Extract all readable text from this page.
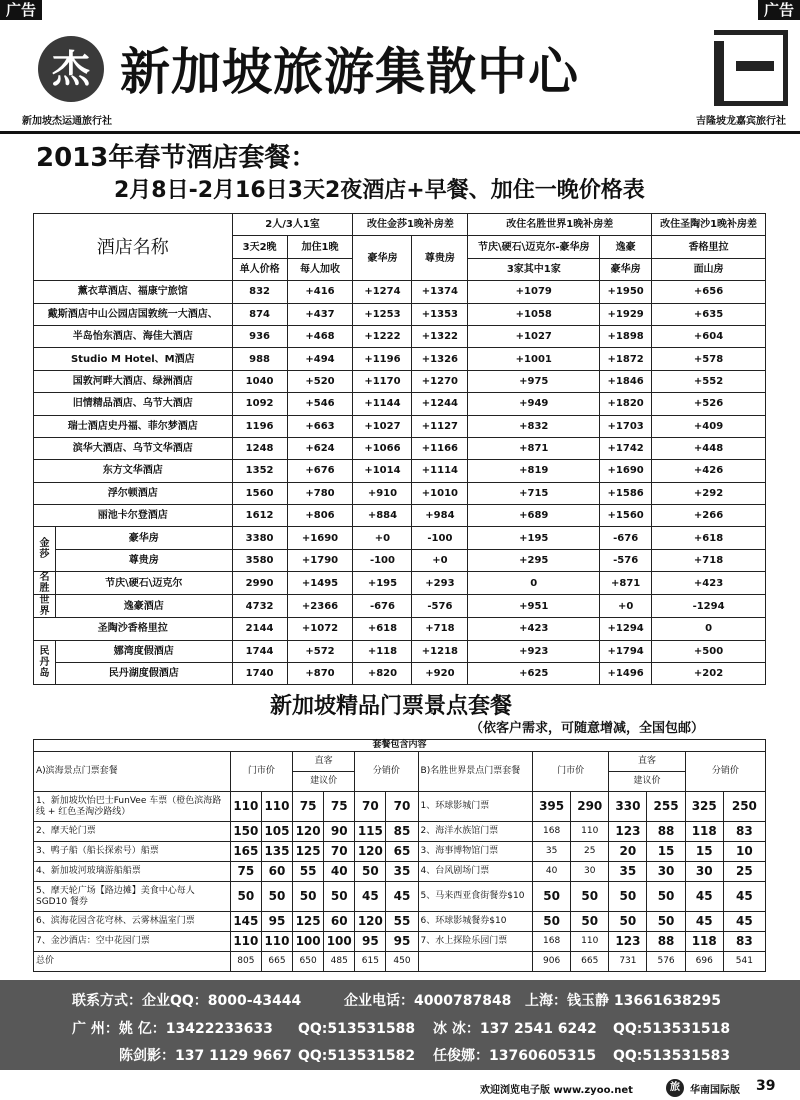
广告	广告
杰 新加坡旅游集散中心
新加坡杰运通旅行社	吉隆坡龙嘉宾旅行社
2013年春节酒店套餐：
2月8日-2月16日3天2夜酒店+早餐、加住一晚价格表
酒店名称		2人/3人1室		改住金莎1晚补房差		改住名胜世界1晚补房差		改住圣陶沙1晚补房差
		3天2晚	加住1晚	豪华房	尊贵房	节庆\硬石\迈克尔-豪华房	逸豪	香格里拉
		单人价格	每人加收			3家其中1家	豪华房	面山房
薰衣草酒店、福康宁旅馆		832	+416	+1274	+1374	+1079	+1950	+656
戴斯酒店中山公园店国敦统一大酒店、		874	+437	+1253	+1353	+1058	+1929	+635
半岛怡东酒店、海佳大酒店		936	+468	+1222	+1322	+1027	+1898	+604
Studio M Hotel、M酒店		988	+494	+1196	+1326	+1001	+1872	+578
国敦河畔大酒店、绿洲酒店		1040	+520	+1170	+1270	+975	+1846	+552
旧情精品酒店、乌节大酒店		1092	+546	+1144	+1244	+949	+1820	+526
瑞士酒店史丹福、菲尔梦酒店		1196	+663	+1027	+1127	+832	+1703	+409
滨华大酒店、乌节文华酒店		1248	+624	+1066	+1166	+871	+1742	+448
东方文华酒店		1352	+676	+1014	+1114	+819	+1690	+426
浮尔顿酒店		1560	+780	+910	+1010	+715	+1586	+292
丽池卡尔登酒店		1612	+806	+884	+984	+689	+1560	+266
金莎	豪华房	3380	+1690	+0	-100	+195	-676	+618
	尊贵房	3580	+1790	-100	+0	+295	-576	+718
名胜	节庆\硬石\迈克尔	2990	+1495	+195	+293	0	+871	+423
世界	逸豪酒店	4732	+2366	-676	-576	+951	+0	-1294
圣陶沙香格里拉		2144	+1072	+618	+718	+423	+1294	0
民丹岛	娜湾度假酒店	1744	+572	+118	+1218	+923	+1794	+500
	民丹湖度假酒店	1740	+870	+820	+920	+625	+1496	+202
新加坡精品门票景点套餐
（依客户需求，可随意增减，全国包邮）
套餐包含内容													
A)滨海景点门票套餐	门市价		直客		分销价		B)名胜世界景点门票套餐	门市价		直客		分销价	
			建议价							建议价			
1、新加坡坎怡巴士FunVee 车票（橙色滨海路线 + 红色圣淘沙路线）	110	110	75	75	70	70	1、环球影城门票	395	290	330	255	325	250
2、摩天轮门票	150	105	120	90	115	85	2、海洋水族馆门票	168	110	123	88	118	83
3、鸭子船（船长探索号）船票	165	135	125	70	120	65	3、海事博物馆门票	35	25	20	15	15	10
4、新加坡河玻璃游船船票	75	60	55	40	50	35	4、台风剧场门票	40	30	35	30	30	25
5、摩天轮广场【路边摊】美食中心每人 SGD10 餐券	50	50	50	50	45	45	5、马来西亚食街餐券$10	50	50	50	50	45	45
6、滨海花园含花穹林、云雾林温室门票	145	95	125	60	120	55	6、环球影城餐券$10	50	50	50	50	45	45
7、金沙酒店：空中花园门票	110	110	100	100	95	95	7、水上探险乐园门票	168	110	123	88	118	83
总价	805	665	650	485	615	450		906	665	731	576	696	541
联系方式：企业QQ：8000-43444	企业电话：4000787848 上海：钱玉静 13661638295
广 州：姚 亿：13422233633 QQ:513531588 冰 冰：137 2541 6242 QQ:513531518
陈剑影：137 1129 9667 QQ:513531582 任俊娜：13760605315 QQ:513531583
欢迎浏览电子版 www.zyoo.net	旅	华南国际版 39
